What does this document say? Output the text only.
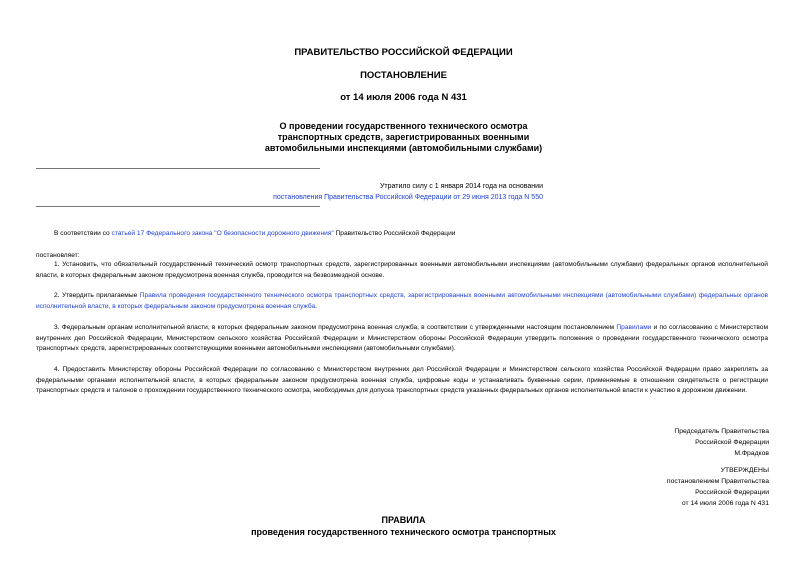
ПРАВИТЕЛЬСТВО РОССИЙСКОЙ ФЕДЕРАЦИИ
ПОСТАНОВЛЕНИЕ
от 14 июля 2006 года N 431
О проведении государственного технического осмотра
транспортных средств, зарегистрированных военными
автомобильными инспекциями (автомобильными службами)
Утратило силу с 1 января 2014 года на основании
постановления Правительства Российской Федерации от 29 июня 2013 года N 550
В соответствии со статьей 17 Федерального закона "О безопасности дорожного движения" Правительство Российской Федерации
постановляет:
1. Установить, что обязательный государственный технический осмотр транспортных средств, зарегистрированных военными автомобильными инспекциями (автомобильными службами) федеральных органов исполнительной власти, в которых федеральным законом предусмотрена военная служба, проводится на безвозмездной основе.
2. Утвердить прилагаемые Правила проведения государственного технического осмотра транспортных средств, зарегистрированных военными автомобильными инспекциями (автомобильными службами) федеральных органов исполнительной власти, в которых федеральным законом предусмотрена военная служба.
3. Федеральным органам исполнительной власти, в которых федеральным законом предусмотрена военная служба, в соответствии с утвержденными настоящим постановлением Правилами и по согласованию с Министерством внутренних дел Российской Федерации, Министерством сельского хозяйства Российской Федерации и Министерством обороны Российской Федерации утвердить положения о проведении государственного технического осмотра транспортных средств, зарегистрированных соответствующими военными автомобильными инспекциями (автомобильными службами).
4. Предоставить Министерству обороны Российской Федерации по согласованию с Министерством внутренних дел Российской Федерации и Министерством сельского хозяйства Российской Федерации право закреплять за федеральными органами исполнительной власти, в которых федеральным законом предусмотрена военная служба, цифровые коды и устанавливать буквенные серии, применяемые в отношении свидетельств о регистрации транспортных средств и талонов о прохождении государственного технического осмотра, необходимых для допуска транспортных средств указанных федеральных органов исполнительной власти к участию в дорожном движении.
Председатель Правительства
Российской Федерации
М.Фрадков
УТВЕРЖДЕНЫ
постановлением Правительства
Российской Федерации
от 14 июля 2006 года N 431
ПРАВИЛА
проведения государственного технического осмотра транспортных
